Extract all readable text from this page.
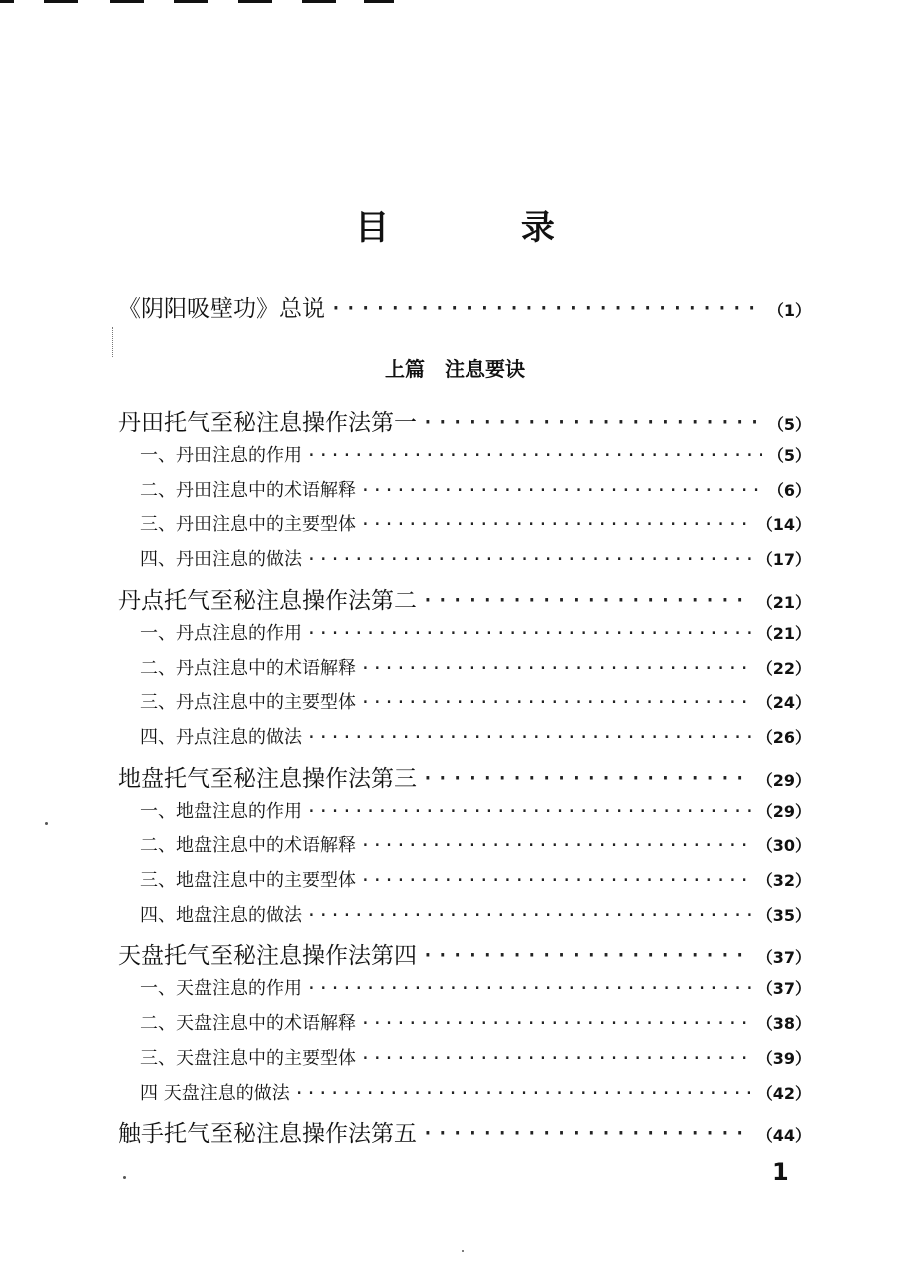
目 录
《阴阳吸壁功》总说 ·····	（1）
上篇　注息要诀
丹田托气至秘注息操作法第一 ·····	（5）
一、丹田注息的作用 ·····	（5）
二、丹田注息中的术语解释 ·····	（6）
三、丹田注息中的主要型体 ·····	（14）
四、丹田注息的做法 ·····	（17）
丹点托气至秘注息操作法第二 ·····	（21）
一、丹点注息的作用 ·····	（21）
二、丹点注息中的术语解释 ·····	（22）
三、丹点注息中的主要型体 ·····	（24）
四、丹点注息的做法 ·····	（26）
地盘托气至秘注息操作法第三 ·····	（29）
一、地盘注息的作用 ·····	（29）
二、地盘注息中的术语解释 ·····	（30）
三、地盘注息中的主要型体 ·····	（32）
四、地盘注息的做法 ·····	（35）
天盘托气至秘注息操作法第四 ·····	（37）
一、天盘注息的作用 ·····	（37）
二、天盘注息中的术语解释 ·····	（38）
三、天盘注息中的主要型体 ·····	（39）
四 天盘注息的做法 ·····	（42）
触手托气至秘注息操作法第五 ·····	（44）
1
